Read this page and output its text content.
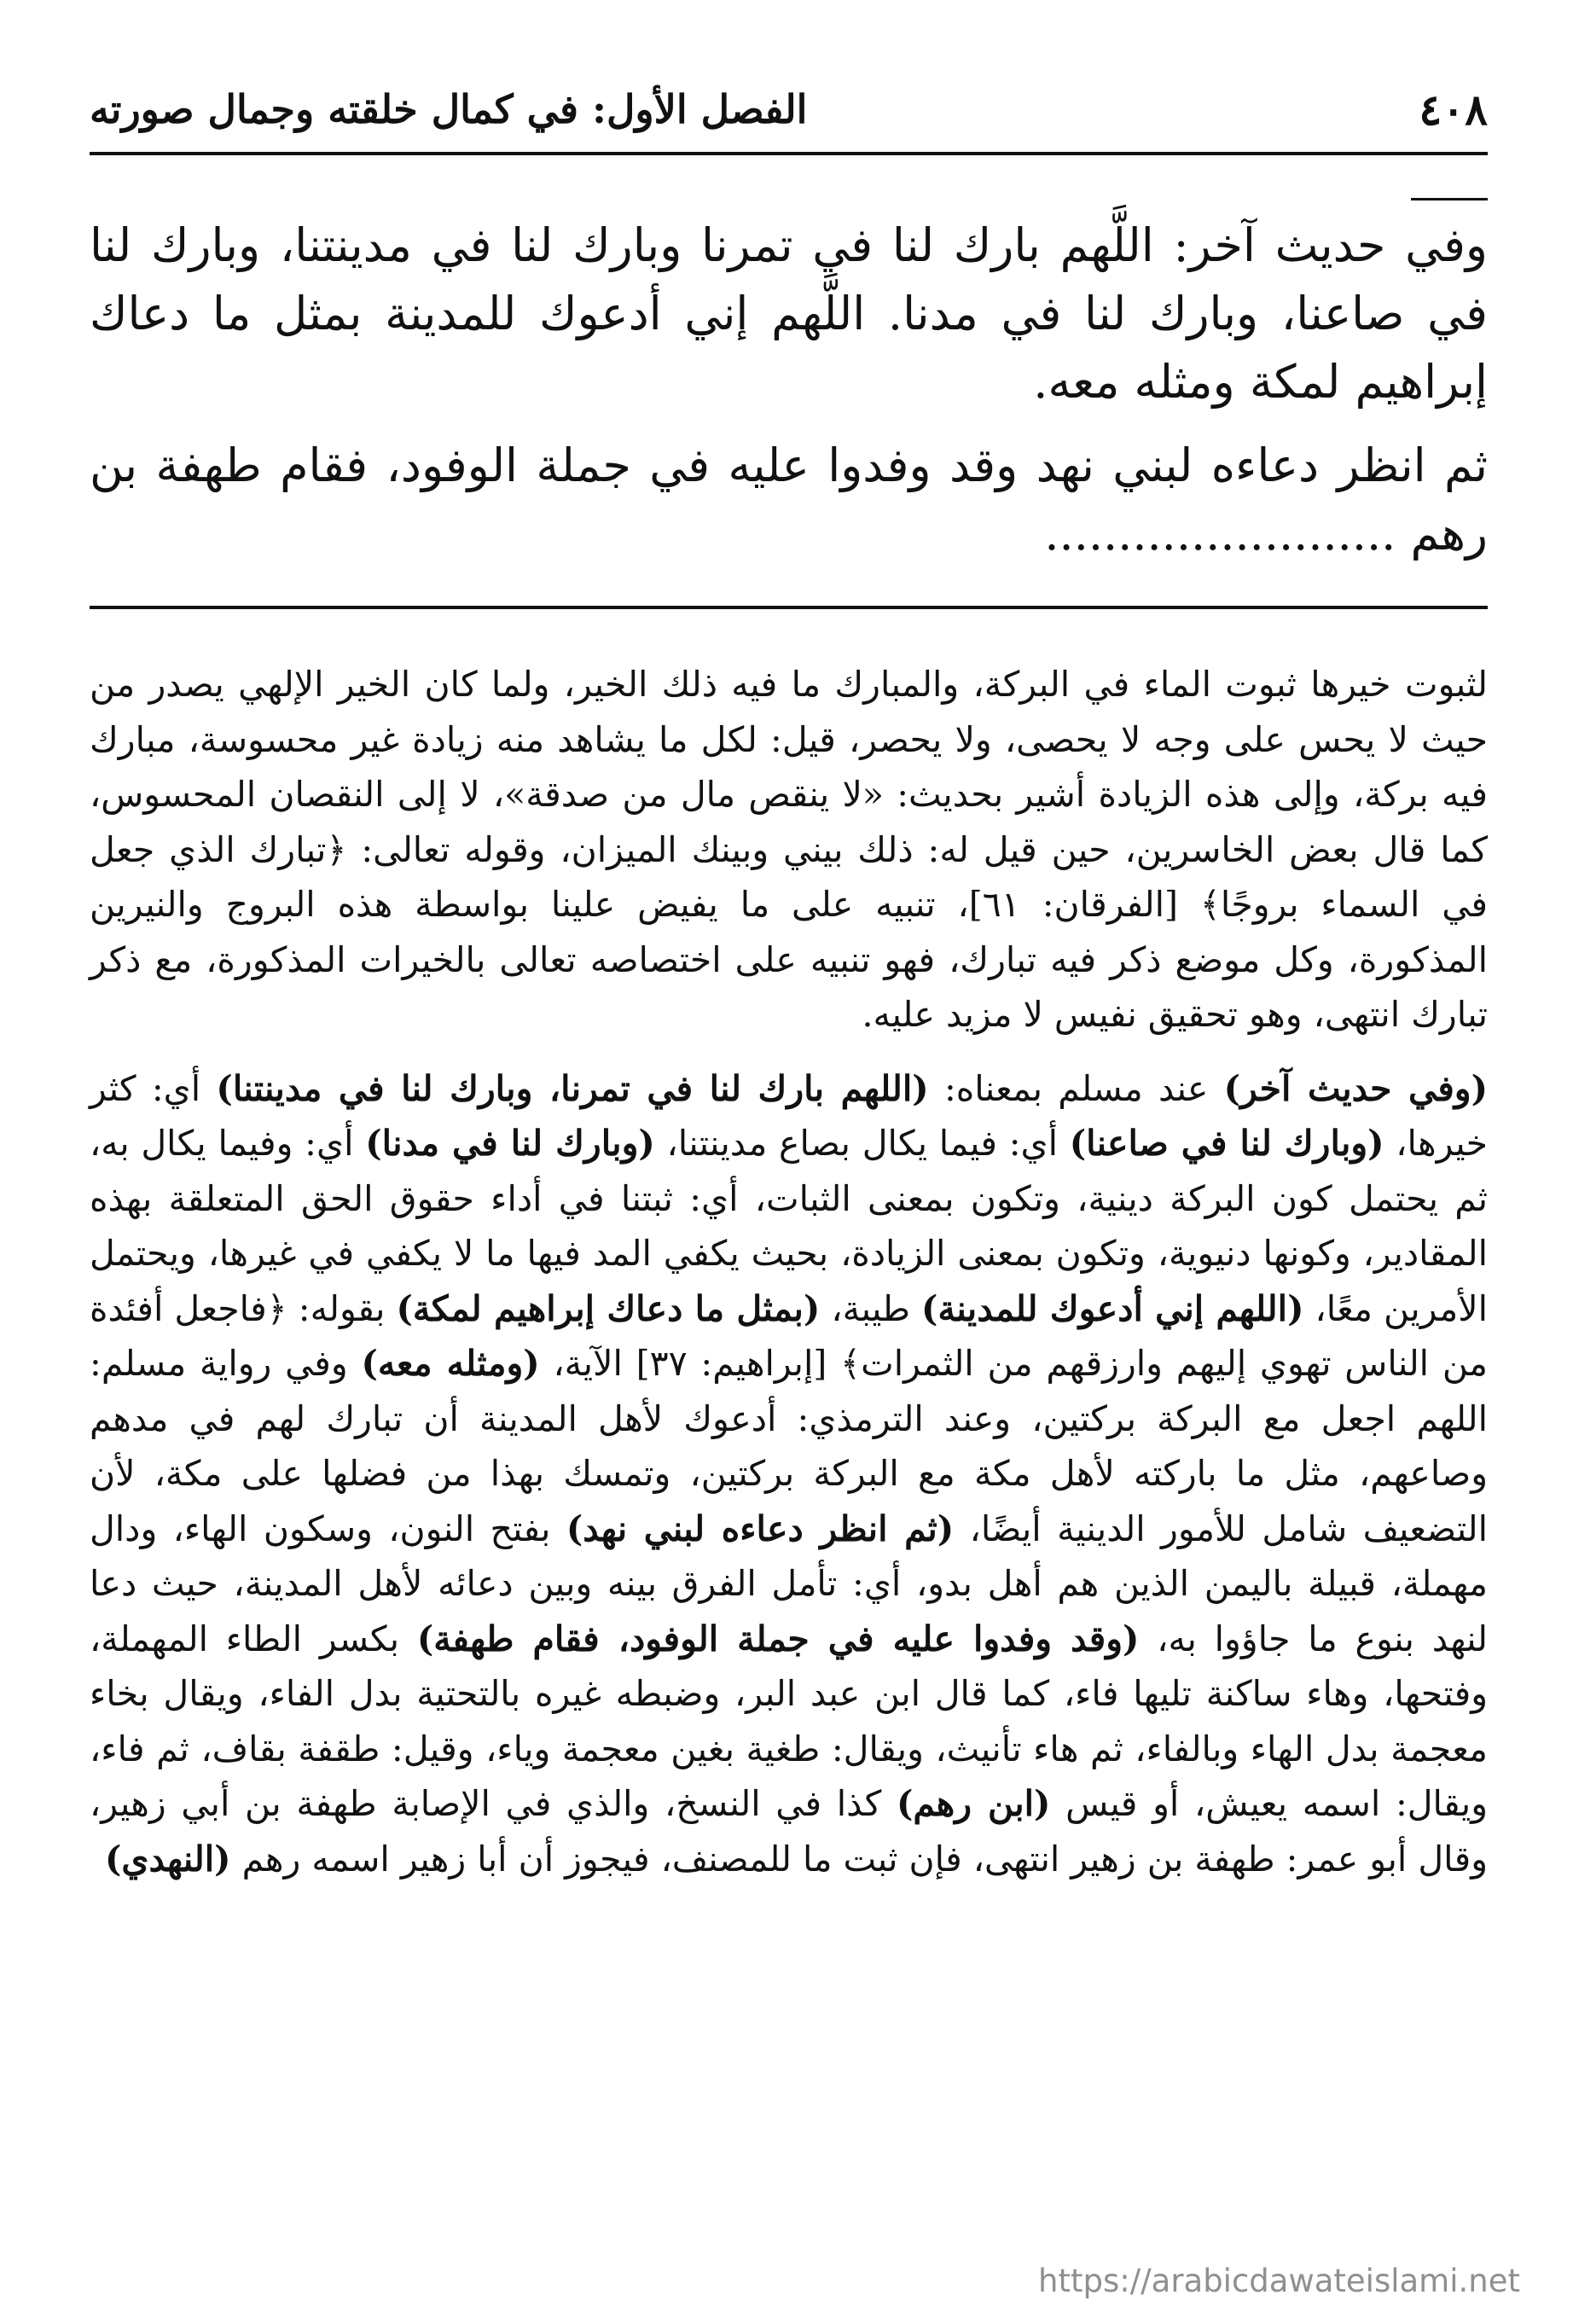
٤٠٨
الفصل الأول: في كمال خلقته وجمال صورته

وفي حديث آخر: اللَّهم بارك لنا في تمرنا وبارك لنا في مدينتنا، وبارك لنا في صاعنا، وبارك لنا في مدنا. اللَّهم إني أدعوك للمدينة بمثل ما دعاك إبراهيم لمكة ومثله معه.

ثم انظر دعاءه لبني نهد وقد وفدوا عليه في جملة الوفود، فقام طهفة بن رهم ........................

لثبوت خيرها ثبوت الماء في البركة، والمبارك ما فيه ذلك الخير، ولما كان الخير الإلهي يصدر من حيث لا يحس على وجه لا يحصى، ولا يحصر، قيل: لكل ما يشاهد منه زيادة غير محسوسة، مبارك فيه بركة، وإلى هذه الزيادة أشير بحديث: «لا ينقص مال من صدقة»، لا إلى النقصان المحسوس، كما قال بعض الخاسرين، حين قيل له: ذلك بيني وبينك الميزان، وقوله تعالى: ﴿تبارك الذي جعل في السماء بروجًا﴾ [الفرقان: ٦١]، تنبيه على ما يفيض علينا بواسطة هذه البروج والنيرين المذكورة، وكل موضع ذكر فيه تبارك، فهو تنبيه على اختصاصه تعالى بالخيرات المذكورة، مع ذكر تبارك انتهى، وهو تحقيق نفيس لا مزيد عليه.

(وفي حديث آخر) عند مسلم بمعناه: (اللهم بارك لنا في تمرنا، وبارك لنا في مدينتنا) أي: كثر خيرها، (وبارك لنا في صاعنا) أي: فيما يكال بصاع مدينتنا، (وبارك لنا في مدنا) أي: وفيما يكال به، ثم يحتمل كون البركة دينية، وتكون بمعنى الثبات، أي: ثبتنا في أداء حقوق الحق المتعلقة بهذه المقادير، وكونها دنيوية، وتكون بمعنى الزيادة، بحيث يكفي المد فيها ما لا يكفي في غيرها، ويحتمل الأمرين معًا، (اللهم إني أدعوك للمدينة) طيبة، (بمثل ما دعاك إبراهيم لمكة) بقوله: ﴿فاجعل أفئدة من الناس تهوي إليهم وارزقهم من الثمرات﴾ [إبراهيم: ٣٧] الآية، (ومثله معه) وفي رواية مسلم: اللهم اجعل مع البركة بركتين، وعند الترمذي: أدعوك لأهل المدينة أن تبارك لهم في مدهم وصاعهم، مثل ما باركته لأهل مكة مع البركة بركتين، وتمسك بهذا من فضلها على مكة، لأن التضعيف شامل للأمور الدينية أيضًا، (ثم انظر دعاءه لبني نهد) بفتح النون، وسكون الهاء، ودال مهملة، قبيلة باليمن الذين هم أهل بدو، أي: تأمل الفرق بينه وبين دعائه لأهل المدينة، حيث دعا لنهد بنوع ما جاؤوا به، (وقد وفدوا عليه في جملة الوفود، فقام طهفة) بكسر الطاء المهملة، وفتحها، وهاء ساكنة تليها فاء، كما قال ابن عبد البر، وضبطه غيره بالتحتية بدل الفاء، ويقال بخاء معجمة بدل الهاء وبالفاء، ثم هاء تأنيث، ويقال: طغية بغين معجمة وياء، وقيل: طقفة بقاف، ثم فاء، ويقال: اسمه يعيش، أو قيس (ابن رهم) كذا في النسخ، والذي في الإصابة طهفة بن أبي زهير، وقال أبو عمر: طهفة بن زهير انتهى، فإن ثبت ما للمصنف، فيجوز أن أبا زهير اسمه رهم (النهدي)

https://arabicdawateislami.net
